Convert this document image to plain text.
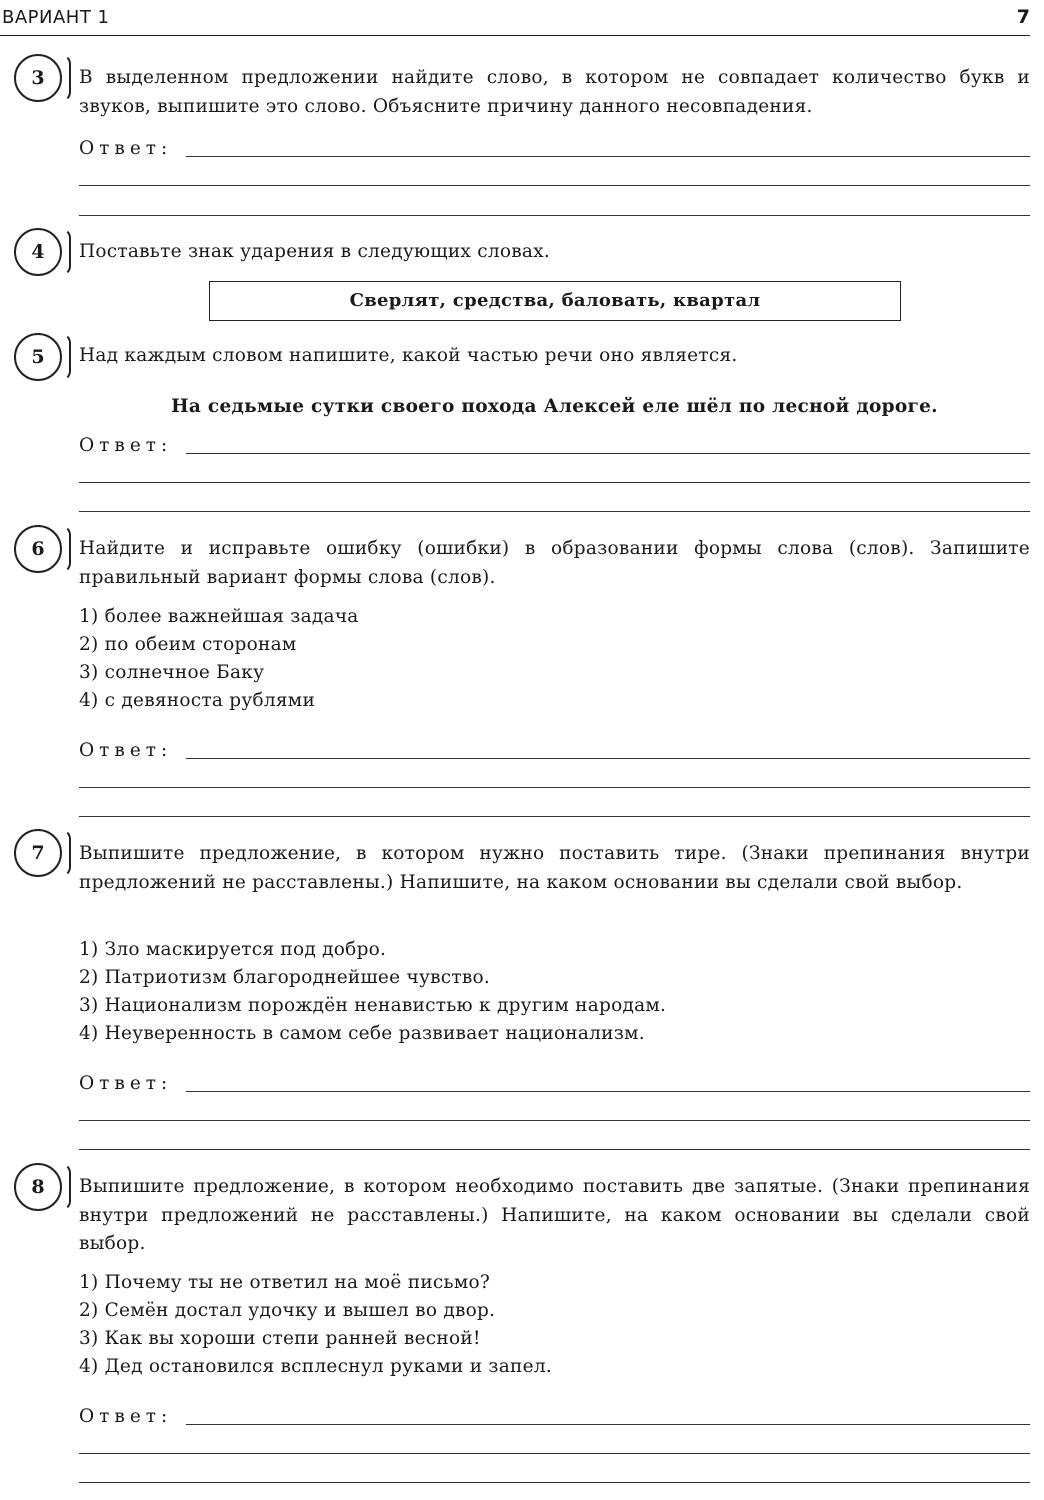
ВАРИАНТ 1	7
3	В выделенном предложении найдите слово, в котором не совпадает количество букв и звуков, выпишите это слово. Объясните причину данного несовпадения.
Ответ:
4	Поставьте знак ударения в следующих словах.
Сверлят, средства, баловать, квартал
5	Над каждым словом напишите, какой частью речи оно является.
На седьмые сутки своего похода Алексей еле шёл по лесной дороге.
Ответ:
6	Найдите и исправьте ошибку (ошибки) в образовании формы слова (слов). Запишите правильный вариант формы слова (слов).
1) более важнейшая задача
2) по обеим сторонам
3) солнечное Баку
4) с девяноста рублями
Ответ:
7	Выпишите предложение, в котором нужно поставить тире. (Знаки препинания внутри предложений не расставлены.) Напишите, на каком основании вы сделали свой выбор.
1) Зло маскируется под добро.
2) Патриотизм благороднейшее чувство.
3) Национализм порождён ненавистью к другим народам.
4) Неуверенность в самом себе развивает национализм.
Ответ:
8	Выпишите предложение, в котором необходимо поставить две запятые. (Знаки препинания внутри предложений не расставлены.) Напишите, на каком основании вы сделали свой выбор.
1) Почему ты не ответил на моё письмо?
2) Семён достал удочку и вышел во двор.
3) Как вы хороши степи ранней весной!
4) Дед остановился всплеснул руками и запел.
Ответ:
